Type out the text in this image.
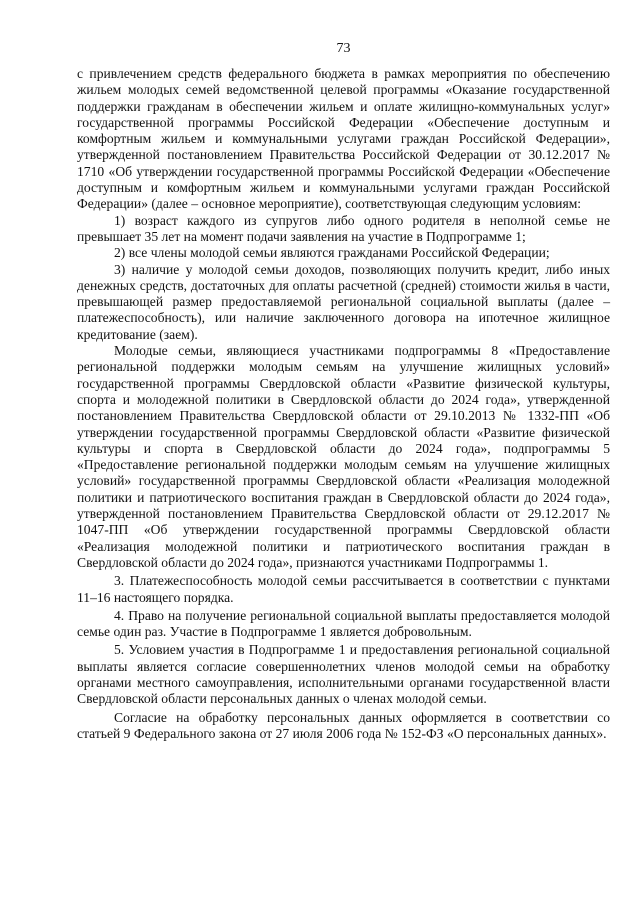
73

с привлечением средств федерального бюджета в рамках мероприятия по обеспечению жильем молодых семей ведомственной целевой программы «Оказание государственной поддержки гражданам в обеспечении жильем и оплате жилищно-коммунальных услуг» государственной программы Российской Федерации «Обеспечение доступным и комфортным жильем и коммунальными услугами граждан Российской Федерации», утвержденной постановлением Правительства Российской Федерации от 30.12.2017 № 1710 «Об утверждении государственной программы Российской Федерации «Обеспечение доступным и комфортным жильем и коммунальными услугами граждан Российской Федерации» (далее – основное мероприятие), соответствующая следующим условиям:

1) возраст каждого из супругов либо одного родителя в неполной семье не превышает 35 лет на момент подачи заявления на участие в Подпрограмме 1;

2) все члены молодой семьи являются гражданами Российской Федерации;

3) наличие у молодой семьи доходов, позволяющих получить кредит, либо иных денежных средств, достаточных для оплаты расчетной (средней) стоимости жилья в части, превышающей размер предоставляемой региональной социальной выплаты (далее – платежеспособность), или наличие заключенного договора на ипотечное жилищное кредитование (заем).

Молодые семьи, являющиеся участниками подпрограммы 8 «Предоставление региональной поддержки молодым семьям на улучшение жилищных условий» государственной программы Свердловской области «Развитие физической культуры, спорта и молодежной политики в Свердловской области до 2024 года», утвержденной постановлением Правительства Свердловской области от 29.10.2013 № 1332-ПП «Об утверждении государственной программы Свердловской области «Развитие физической культуры и спорта в Свердловской области до 2024 года», подпрограммы 5 «Предоставление региональной поддержки молодым семьям на улучшение жилищных условий» государственной программы Свердловской области «Реализация молодежной политики и патриотического воспитания граждан в Свердловской области до 2024 года», утвержденной постановлением Правительства Свердловской области от 29.12.2017 № 1047-ПП «Об утверждении государственной программы Свердловской области «Реализация молодежной политики и патриотического воспитания граждан в Свердловской области до 2024 года», признаются участниками Подпрограммы 1.

3. Платежеспособность молодой семьи рассчитывается в соответствии с пунктами 11–16 настоящего порядка.

4. Право на получение региональной социальной выплаты предоставляется молодой семье один раз. Участие в Подпрограмме 1 является добровольным.

5. Условием участия в Подпрограмме 1 и предоставления региональной социальной выплаты является согласие совершеннолетних членов молодой семьи на обработку органами местного самоуправления, исполнительными органами государственной власти Свердловской области персональных данных о членах молодой семьи.

Согласие на обработку персональных данных оформляется в соответствии со статьей 9 Федерального закона от 27 июля 2006 года № 152-ФЗ «О персональных данных».
